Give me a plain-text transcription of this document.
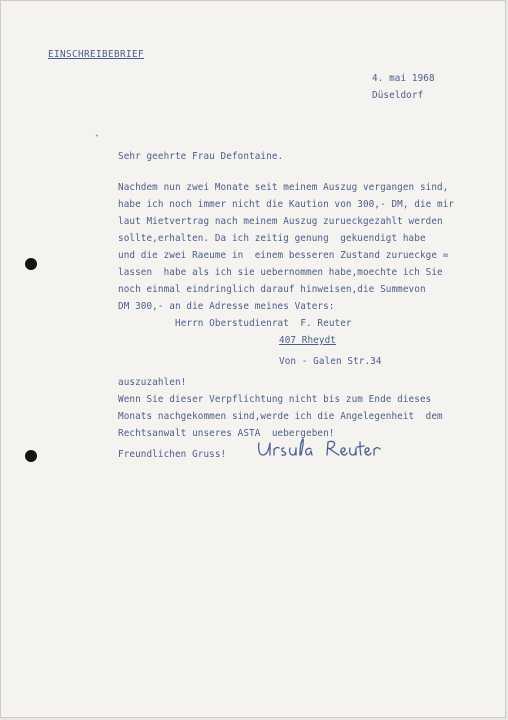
EINSCHREIBEBRIEF
4. mai 1968
Düseldorf
˅
Sehr geehrte Frau Defontaine.
Nachdem nun zwei Monate seit meinem Auszug vergangen sind,
habe ich noch immer nicht die Kaution von 300,- DM, die mir
laut Mietvertrag nach meinem Auszug zurueckgezahlt werden
sollte,erhalten. Da ich zeitig genung  gekuendigt habe
und die zwei Raeume in  einem besseren Zustand zurueckge =
lassen  habe als ich sie uebernommen habe,moechte ich Sie
noch einmal eindringlich darauf hinweisen,die Summevon
DM 300,- an die Adresse meines Vaters:
Herrn Oberstudienrat  F. Reuter
407 Rheydt
Von - Galen Str.34
auszuzahlen!
Wenn Sie dieser Verpflichtung nicht bis zum Ende dieses
Monats nachgekommen sind,werde ich die Angelegenheit  dem
Rechtsanwalt unseres ASTA  uebergeben!
Freundlichen Gruss!
